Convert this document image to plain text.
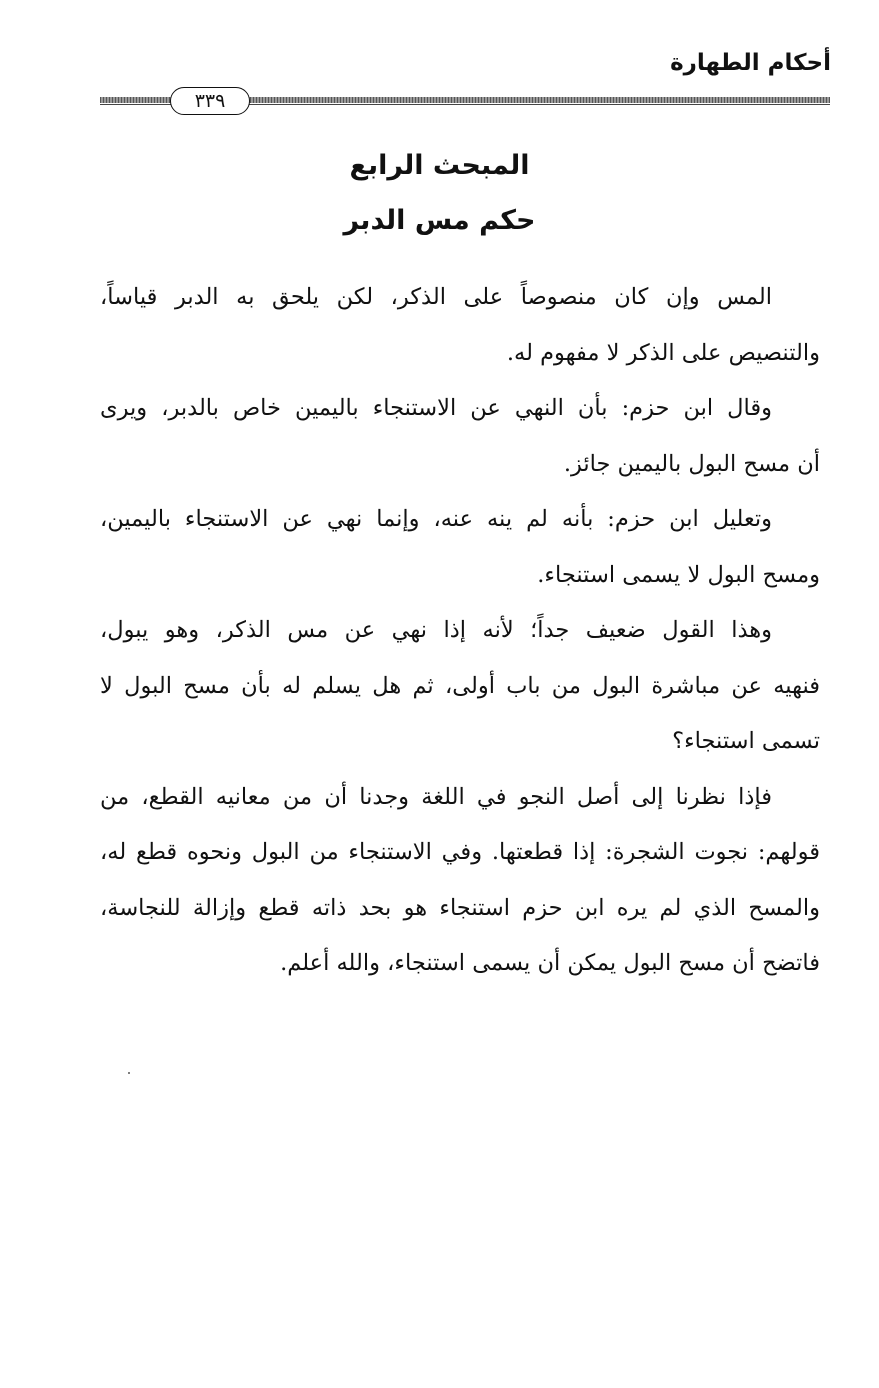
أحكام الطهارة
٣٣٩
المبحث الرابع
حكم مس الدبر
المس وإن كان منصوصاً على الذكر، لكن يلحق به الدبر قياساً،
والتنصيص على الذكر لا مفهوم له.
وقال ابن حزم: بأن النهي عن الاستنجاء باليمين خاص بالدبر، ويرى
أن مسح البول باليمين جائز.
وتعليل ابن حزم: بأنه لم ينه عنه، وإنما نهي عن الاستنجاء باليمين،
ومسح البول لا يسمى استنجاء.
وهذا القول ضعيف جداً؛ لأنه إذا نهي عن مس الذكر، وهو يبول،
فنهيه عن مباشرة البول من باب أولى، ثم هل يسلم له بأن مسح البول لا
تسمى استنجاء؟
فإذا نظرنا إلى أصل النجو في اللغة وجدنا أن من معانيه القطع، من
قولهم: نجوت الشجرة: إذا قطعتها. وفي الاستنجاء من البول ونحوه قطع له،
والمسح الذي لم يره ابن حزم استنجاء هو بحد ذاته قطع وإزالة للنجاسة،
فاتضح أن مسح البول يمكن أن يسمى استنجاء، والله أعلم.
